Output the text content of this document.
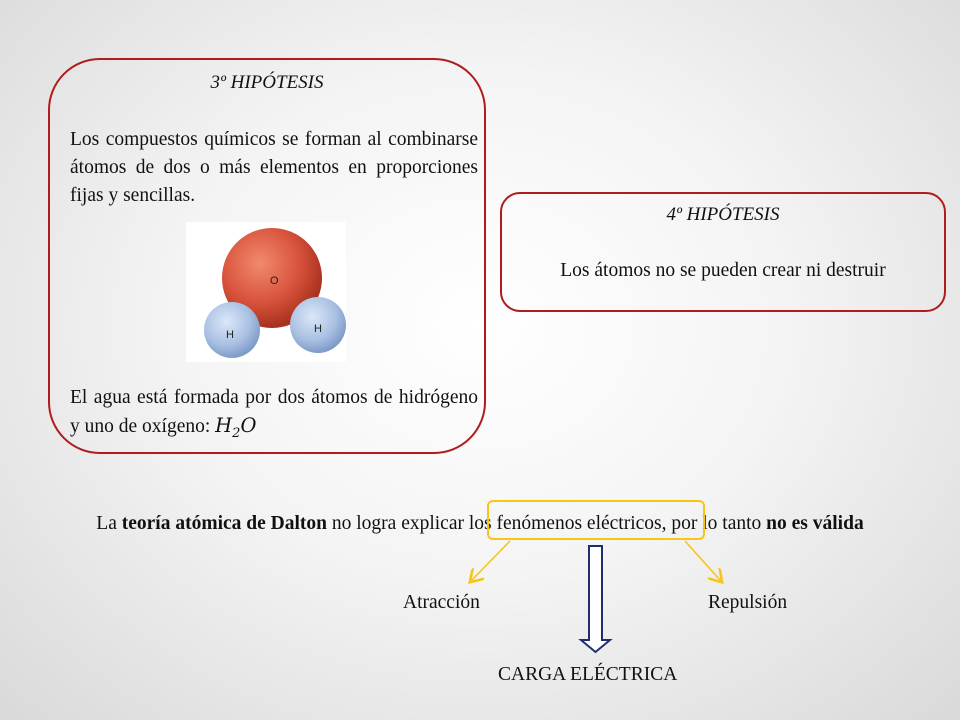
3º HIPÓTESIS
Los compuestos químicos se forman al combinarse átomos de dos o más elementos en proporciones fijas y sencillas.
O
H	H
El agua está formada por dos átomos de hidrógeno y uno de oxígeno: $H_2O$
4º HIPÓTESIS
Los átomos no se pueden crear ni destruir
La teoría atómica de Dalton no logra explicar los fenómenos eléctricos, por lo tanto no es válida
Atracción	Repulsión
CARGA ELÉCTRICA
